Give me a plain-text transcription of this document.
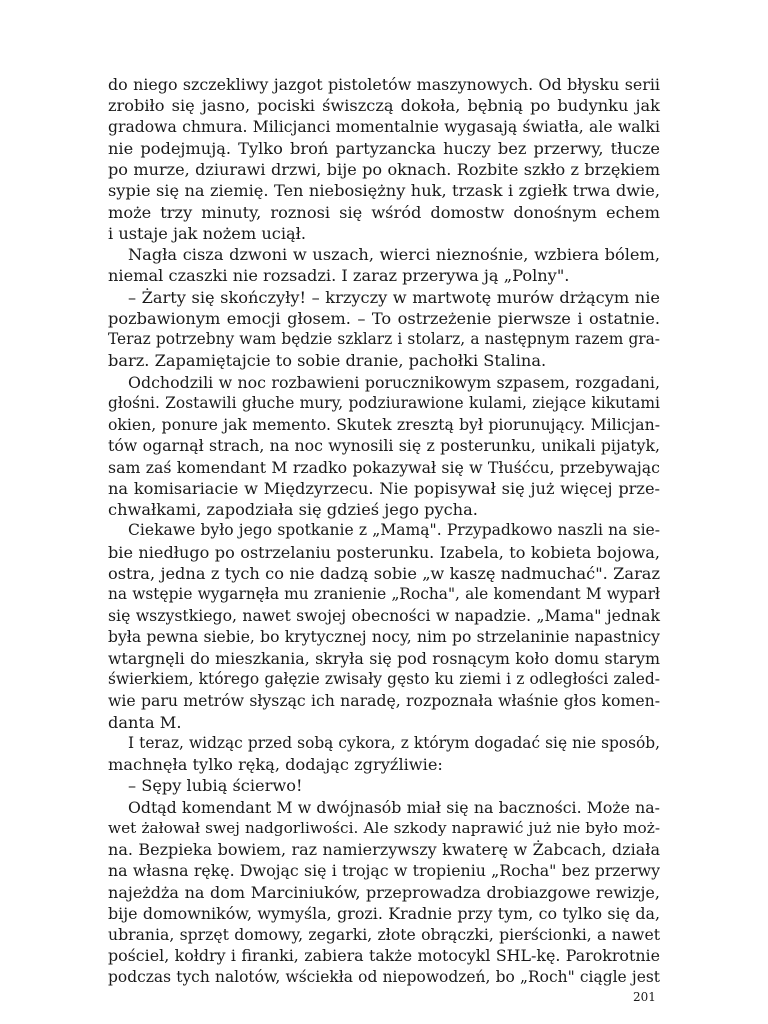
do niego szczekliwy jazgot pistoletów maszynowych. Od błysku serii
zrobiło się jasno, pociski świszczą dokoła, bębnią po budynku jak
gradowa chmura. Milicjanci momentalnie wygasają światła, ale walki
nie podejmują. Tylko broń partyzancka huczy bez przerwy, tłucze
po murze, dziurawi drzwi, bije po oknach. Rozbite szkło z brzękiem
sypie się na ziemię. Ten niebosiężny huk, trzask i zgiełk trwa dwie,
może trzy minuty, roznosi się wśród domostw donośnym echem
i ustaje jak nożem uciął.
Nagła cisza dzwoni w uszach, wierci nieznośnie, wzbiera bólem,
niemal czaszki nie rozsadzi. I zaraz przerywa ją „Polny".
– Żarty się skończyły! – krzyczy w martwotę murów drżącym nie
pozbawionym emocji głosem. – To ostrzeżenie pierwsze i ostatnie.
Teraz potrzebny wam będzie szklarz i stolarz, a następnym razem gra-
barz. Zapamiętajcie to sobie dranie, pachołki Stalina.
Odchodzili w noc rozbawieni porucznikowym szpasem, rozgadani,
głośni. Zostawili głuche mury, podziurawione kulami, ziejące kikutami
okien, ponure jak memento. Skutek zresztą był piorunujący. Milicjan-
tów ogarnął strach, na noc wynosili się z posterunku, unikali pijatyk,
sam zaś komendant M rzadko pokazywał się w Tłuśćcu, przebywając
na komisariacie w Międzyrzecu. Nie popisywał się już więcej prze-
chwałkami, zapodziała się gdzieś jego pycha.
Ciekawe było jego spotkanie z „Mamą". Przypadkowo naszli na sie-
bie niedługo po ostrzelaniu posterunku. Izabela, to kobieta bojowa,
ostra, jedna z tych co nie dadzą sobie „w kaszę nadmuchać". Zaraz
na wstępie wygarnęła mu zranienie „Rocha", ale komendant M wyparł
się wszystkiego, nawet swojej obecności w napadzie. „Mama" jednak
była pewna siebie, bo krytycznej nocy, nim po strzelaninie napastnicy
wtargnęli do mieszkania, skryła się pod rosnącym koło domu starym
świerkiem, którego gałęzie zwisały gęsto ku ziemi i z odległości zaled-
wie paru metrów słysząc ich naradę, rozpoznała właśnie głos komen-
danta M.
I teraz, widząc przed sobą cykora, z którym dogadać się nie sposób,
machnęła tylko ręką, dodając zgryźliwie:
– Sępy lubią ścierwo!
Odtąd komendant M w dwójnasób miał się na baczności. Może na-
wet żałował swej nadgorliwości. Ale szkody naprawić już nie było moż-
na. Bezpieka bowiem, raz namierzywszy kwaterę w Żabcach, działa
na własna rękę. Dwojąc się i trojąc w tropieniu „Rocha" bez przerwy
najeżdża na dom Marciniuków, przeprowadza drobiazgowe rewizje,
bije domowników, wymyśla, grozi. Kradnie przy tym, co tylko się da,
ubrania, sprzęt domowy, zegarki, złote obrączki, pierścionki, a nawet
pościel, kołdry i firanki, zabiera także motocykl SHL-kę. Parokrotnie
podczas tych nalotów, wściekła od niepowodzeń, bo „Roch" ciągle jest
201
